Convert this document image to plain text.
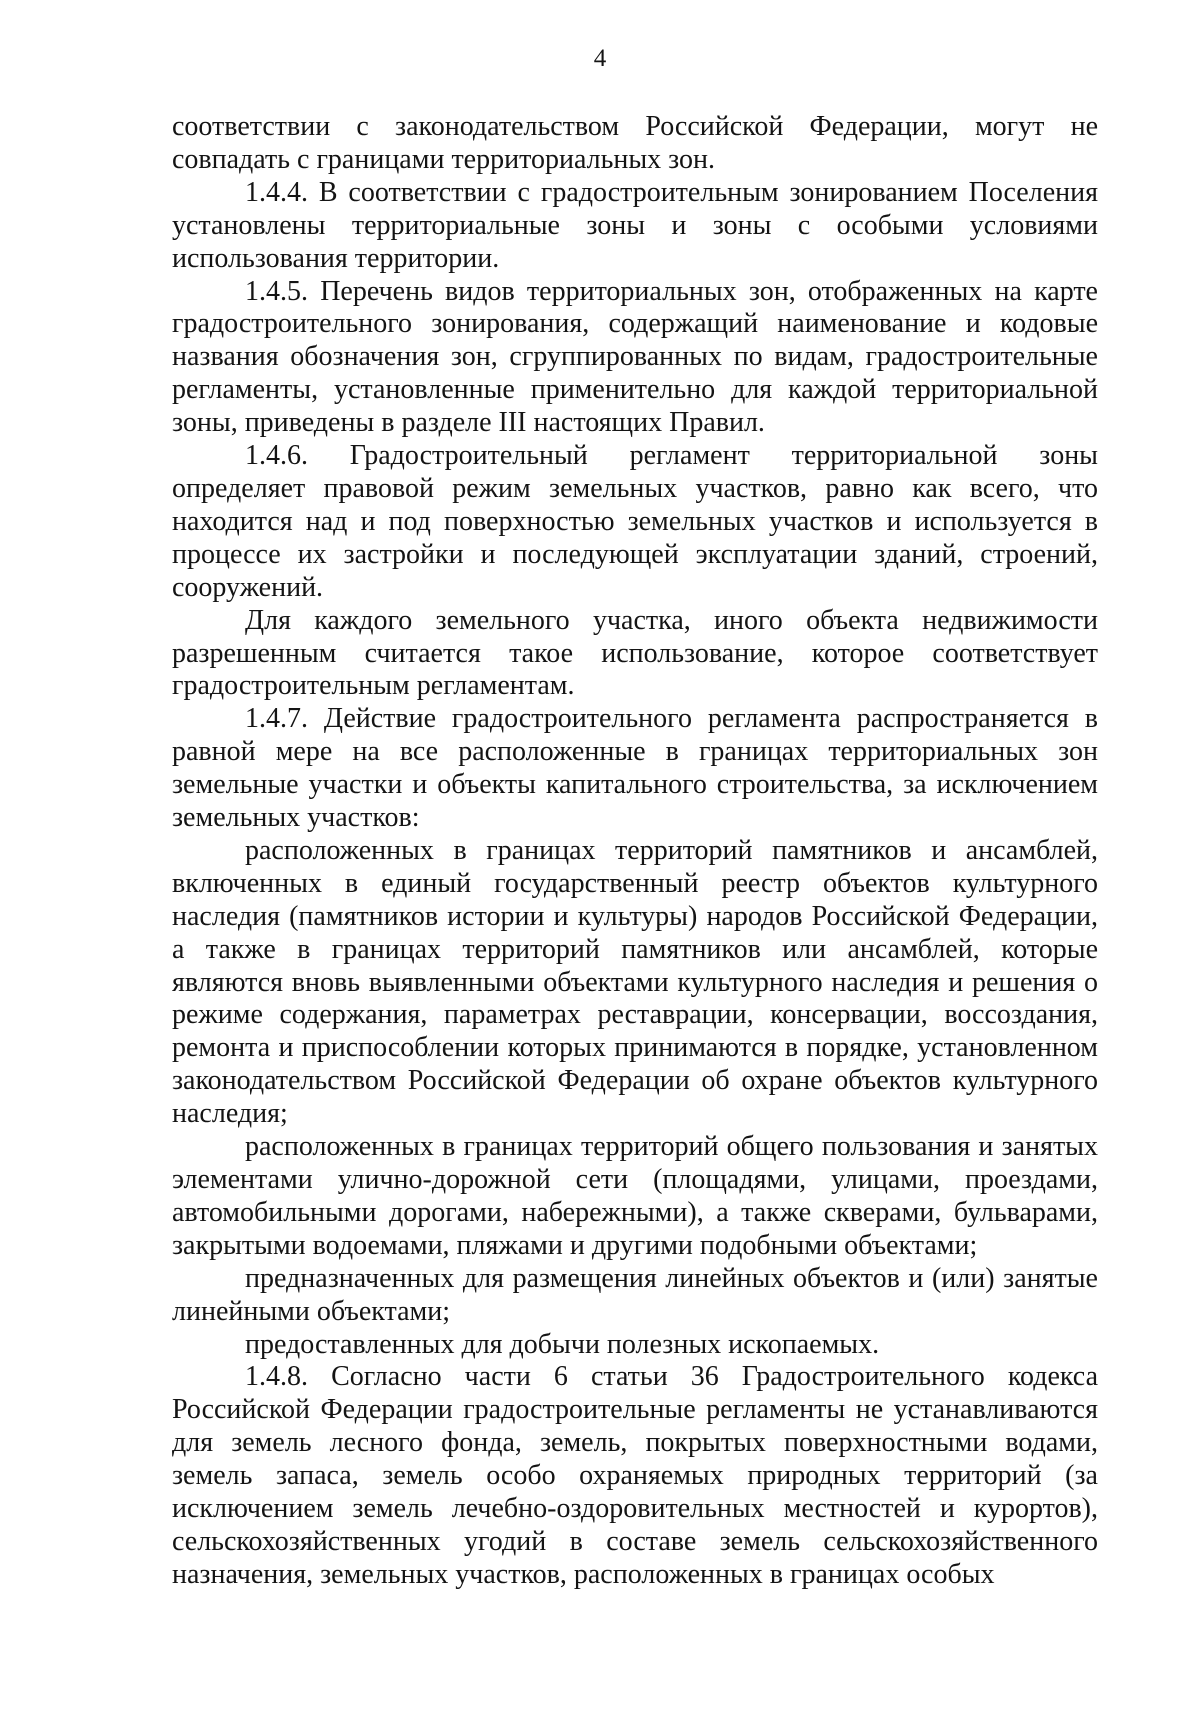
4

соответствии с законодательством Российской Федерации, могут не совпадать с границами территориальных зон.

1.4.4. В соответствии с градостроительным зонированием Поселения установлены территориальные зоны и зоны с особыми условиями использования территории.

1.4.5. Перечень видов территориальных зон, отображенных на карте градостроительного зонирования, содержащий наименование и кодовые названия обозначения зон, сгруппированных по видам, градостроительные регламенты, установленные применительно для каждой территориальной зоны, приведены в разделе III настоящих Правил.

1.4.6. Градостроительный регламент территориальной зоны определяет правовой режим земельных участков, равно как всего, что находится над и под поверхностью земельных участков и используется в процессе их застройки и последующей эксплуатации зданий, строений, сооружений.

Для каждого земельного участка, иного объекта недвижимости разрешенным считается такое использование, которое соответствует градостроительным регламентам.

1.4.7. Действие градостроительного регламента распространяется в равной мере на все расположенные в границах территориальных зон земельные участки и объекты капитального строительства, за исключением земельных участков:

расположенных в границах территорий памятников и ансамблей, включенных в единый государственный реестр объектов культурного наследия (памятников истории и культуры) народов Российской Федерации, а также в границах территорий памятников или ансамблей, которые являются вновь выявленными объектами культурного наследия и решения о режиме содержания, параметрах реставрации, консервации, воссоздания, ремонта и приспособлении которых принимаются в порядке, установленном законодательством Российской Федерации об охране объектов культурного наследия;

расположенных в границах территорий общего пользования и занятых элементами улично-дорожной сети (площадями, улицами, проездами, автомобильными дорогами, набережными), а также скверами, бульварами, закрытыми водоемами, пляжами и другими подобными объектами;

предназначенных для размещения линейных объектов и (или) занятые линейными объектами;

предоставленных для добычи полезных ископаемых.

1.4.8. Согласно части 6 статьи 36 Градостроительного кодекса Российской Федерации градостроительные регламенты не устанавливаются для земель лесного фонда, земель, покрытых поверхностными водами, земель запаса, земель особо охраняемых природных территорий (за исключением земель лечебно-оздоровительных местностей и курортов), сельскохозяйственных угодий в составе земель сельскохозяйственного назначения, земельных участков, расположенных в границах особых
